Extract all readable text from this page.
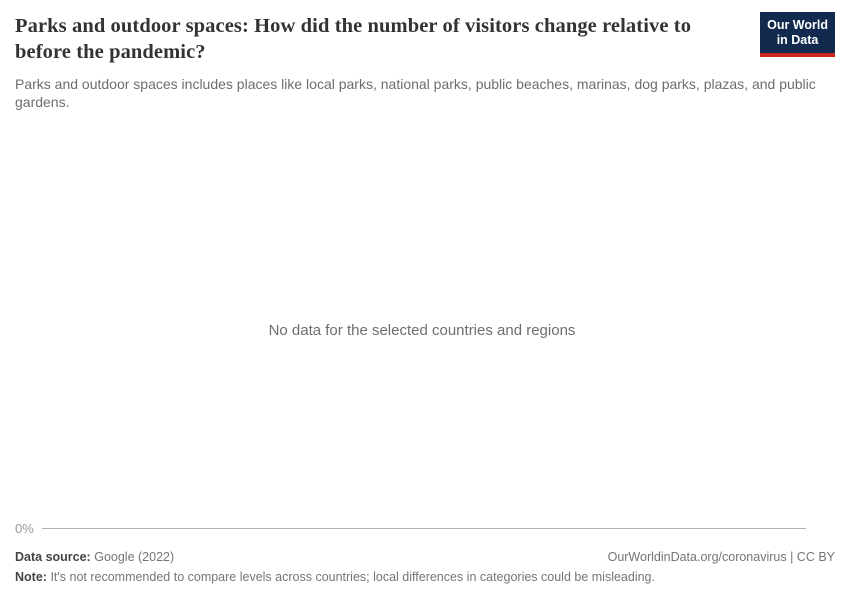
Parks and outdoor spaces: How did the number of visitors change relative to before the pandemic?
Our World
in Data

Parks and outdoor spaces includes places like local parks, national parks, public beaches, marinas, dog parks, plazas, and public gardens.

No data for the selected countries and regions
0%
Data source: Google (2022)	OurWorldinData.org/coronavirus | CC BY
Note: It's not recommended to compare levels across countries; local differences in categories could be misleading.
